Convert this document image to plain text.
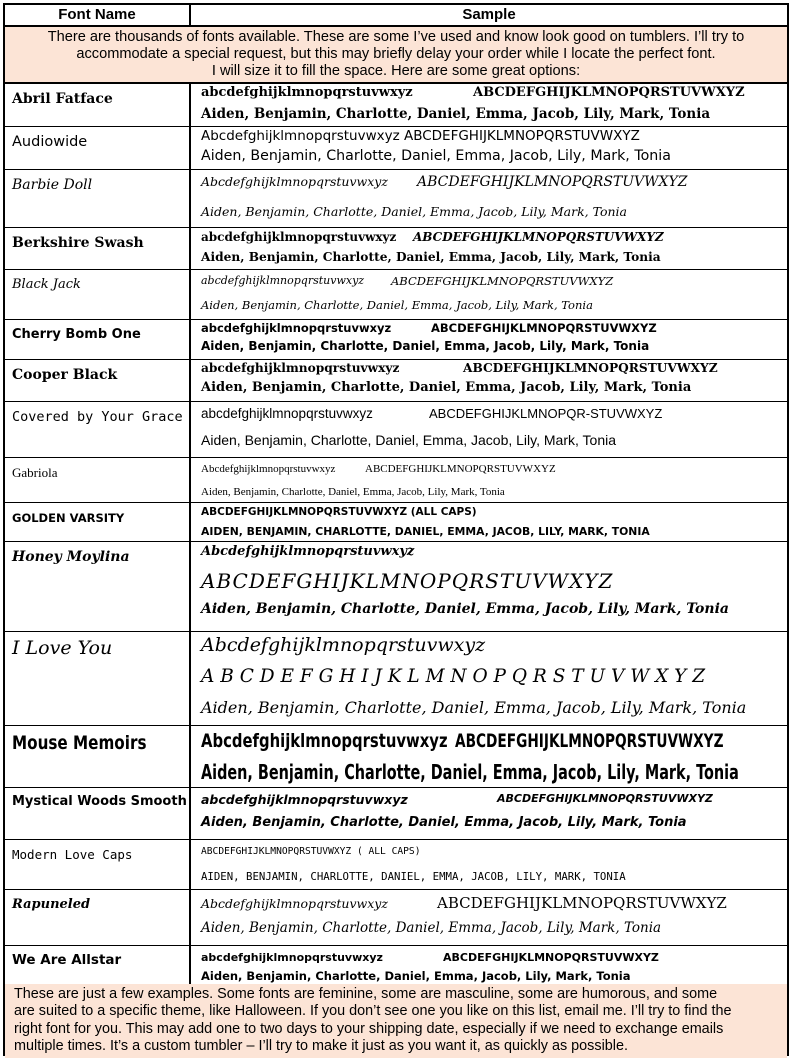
Font Name	Sample
There are thousands of fonts available. These are some I’ve used and know look good on tumblers. I’ll try to
accommodate a special request, but this may briefly delay your order while I locate the perfect font.
I will size it to fill the space. Here are some great options:
Abril Fatface	abcdefghijklmnopqrstuvwxyz	ABCDEFGHIJKLMNOPQRSTUVWXYZ
Aiden, Benjamin, Charlotte, Daniel, Emma, Jacob, Lily, Mark, Tonia
Audiowide	Abcdefghijklmnopqrstuvwxyz ABCDEFGHIJKLMNOPQRSTUVWXYZ
Aiden, Benjamin, Charlotte, Daniel, Emma, Jacob, Lily, Mark, Tonia
Barbie Doll	Abcdefghijklmnopqrstuvwxyz ABCDEFGHIJKLMNOPQRSTUVWXYZ
Aiden, Benjamin, Charlotte, Daniel, Emma, Jacob, Lily, Mark, Tonia
Berkshire Swash	abcdefghijklmnopqrstuvwxyz ABCDEFGHIJKLMNOPQRSTUVWXYZ
Aiden, Benjamin, Charlotte, Daniel, Emma, Jacob, Lily, Mark, Tonia
Black Jack	abcdefghijklmnopqrstuvwxyz ABCDEFGHIJKLMNOPQRSTUVWXYZ
Aiden, Benjamin, Charlotte, Daniel, Emma, Jacob, Lily, Mark, Tonia
Cherry Bomb One	abcdefghijklmnopqrstuvwxyz	ABCDEFGHIJKLMNOPQRSTUVWXYZ
Aiden, Benjamin, Charlotte, Daniel, Emma, Jacob, Lily, Mark, Tonia
Cooper Black	abcdefghijklmnopqrstuvwxyz	ABCDEFGHIJKLMNOPQRSTUVWXYZ
Aiden, Benjamin, Charlotte, Daniel, Emma, Jacob, Lily, Mark, Tonia
Covered by Your Grace	abcdefghijklmnopqrstuvwxyz	ABCDEFGHIJKLMNOPQR-STUVWXYZ
Aiden, Benjamin, Charlotte, Daniel, Emma, Jacob, Lily, Mark, Tonia
Gabriola	Abcdefghijklmnopqrstuvwxyz	ABCDEFGHIJKLMNOPQRSTUVWXYZ
Aiden, Benjamin, Charlotte, Daniel, Emma, Jacob, Lily, Mark, Tonia
GOLDEN VARSITY	ABCDEFGHIJKLMNOPQRSTUVWXYZ (ALL CAPS)
AIDEN, BENJAMIN, CHARLOTTE, DANIEL, EMMA, JACOB, LILY, MARK, TONIA
Honey Moylina	Abcdefghijklmnopqrstuvwxyz
ABCDEFGHIJKLMNOPQRSTUVWXYZ
Aiden, Benjamin, Charlotte, Daniel, Emma, Jacob, Lily, Mark, Tonia
I Love You	Abcdefghijklmnopqrstuvwxyz
A B C D E F G H I J K L M N O P Q R S T U V W X Y Z
Aiden, Benjamin, Charlotte, Daniel, Emma, Jacob, Lily, Mark, Tonia
Mouse Memoirs	Abcdefghijklmnopqrstuvwxyz ABCDEFGHIJKLMNOPQRSTUVWXYZ
Aiden, Benjamin, Charlotte, Daniel, Emma, Jacob, Lily, Mark, Tonia
Mystical Woods Smooth	abcdefghijklmnopqrstuvwxyz	ABCDEFGHIJKLMNOPQRSTUVWXYZ
Aiden, Benjamin, Charlotte, Daniel, Emma, Jacob, Lily, Mark, Tonia
Modern Love Caps	ABCDEFGHIJKLMNOPQRSTUVWXYZ ( ALL CAPS)
AIDEN, BENJAMIN, CHARLOTTE, DANIEL, EMMA, JACOB, LILY, MARK, TONIA
Rapuneled	Abcdefghijklmnopqrstuvwxyz	ABCDEFGHIJKLMNOPQRSTUVWXYZ
Aiden, Benjamin, Charlotte, Daniel, Emma, Jacob, Lily, Mark, Tonia
We Are Allstar	abcdefghijklmnopqrstuvwxyz	ABCDEFGHIJKLMNOPQRSTUVWXYZ
Aiden, Benjamin, Charlotte, Daniel, Emma, Jacob, Lily, Mark, Tonia
These are just a few examples. Some fonts are feminine, some are masculine, some are humorous, and some
are suited to a specific theme, like Halloween. If you don’t see one you like on this list, email me. I’ll try to find the
right font for you. This may add one to two days to your shipping date, especially if we need to exchange emails
multiple times. It’s a custom tumbler – I’ll try to make it just as you want it, as quickly as possible.
